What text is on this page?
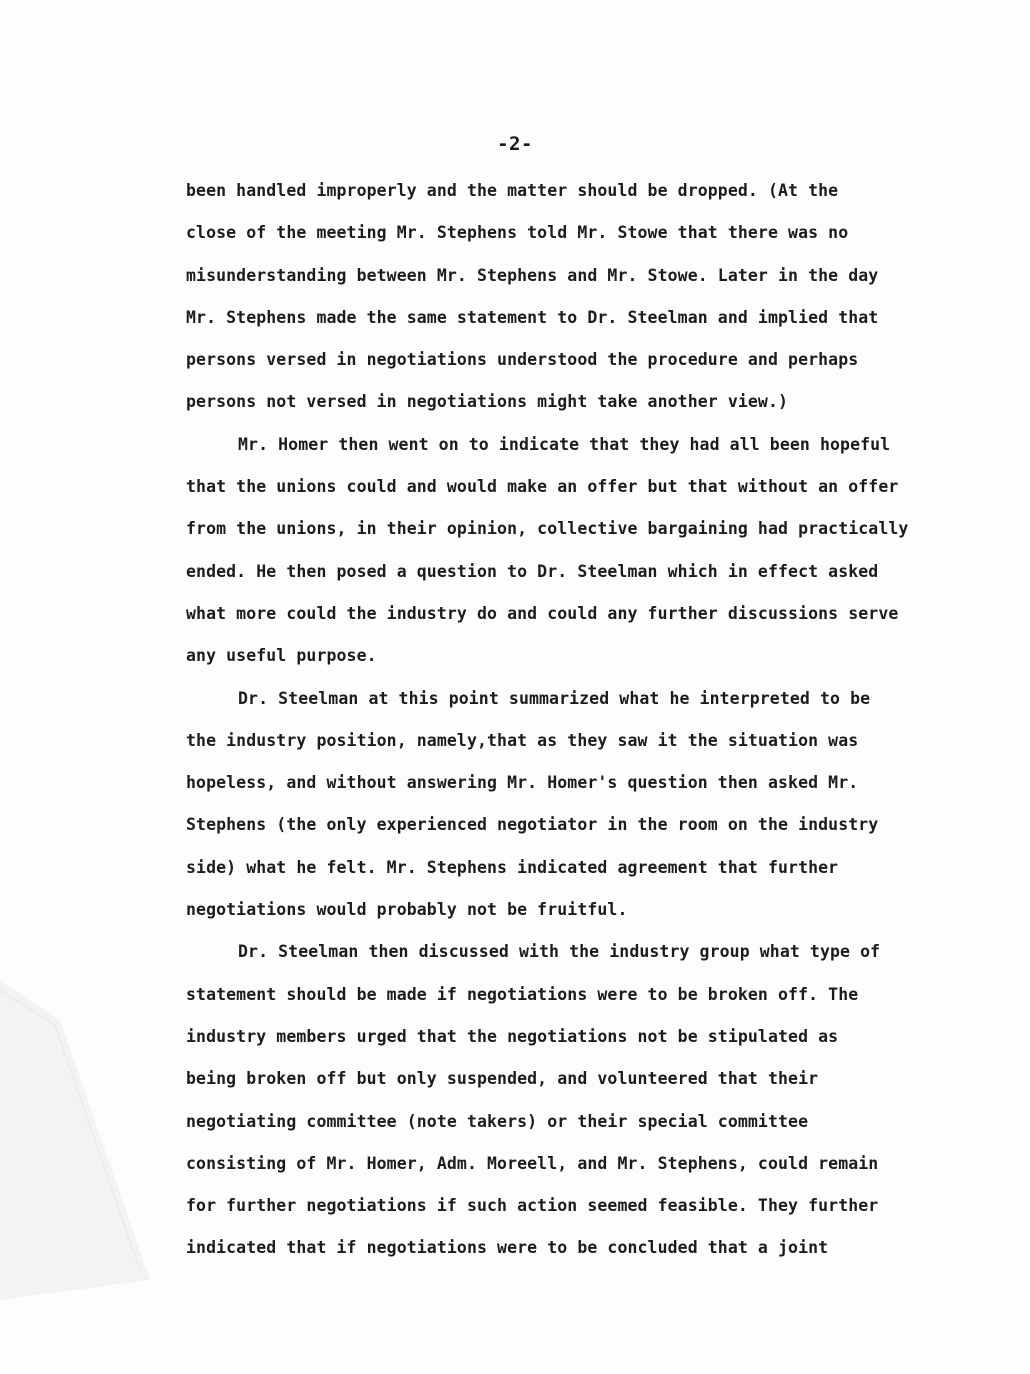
-2-
been handled improperly and the matter should be dropped. (At the
close of the meeting Mr. Stephens told Mr. Stowe that there was no
misunderstanding between Mr. Stephens and Mr. Stowe. Later in the day
Mr. Stephens made the same statement to Dr. Steelman and implied that
persons versed in negotiations understood the procedure and perhaps
persons not versed in negotiations might take another view.)
Mr. Homer then went on to indicate that they had all been hopeful
that the unions could and would make an offer but that without an offer
from the unions, in their opinion, collective bargaining had practically
ended. He then posed a question to Dr. Steelman which in effect asked
what more could the industry do and could any further discussions serve
any useful purpose.
Dr. Steelman at this point summarized what he interpreted to be
the industry position, namely,that as they saw it the situation was
hopeless, and without answering Mr. Homer's question then asked Mr.
Stephens (the only experienced negotiator in the room on the industry
side) what he felt. Mr. Stephens indicated agreement that further
negotiations would probably not be fruitful.
Dr. Steelman then discussed with the industry group what type of
statement should be made if negotiations were to be broken off. The
industry members urged that the negotiations not be stipulated as
being broken off but only suspended, and volunteered that their
negotiating committee (note takers) or their special committee
consisting of Mr. Homer, Adm. Moreell, and Mr. Stephens, could remain
for further negotiations if such action seemed feasible. They further
indicated that if negotiations were to be concluded that a joint
